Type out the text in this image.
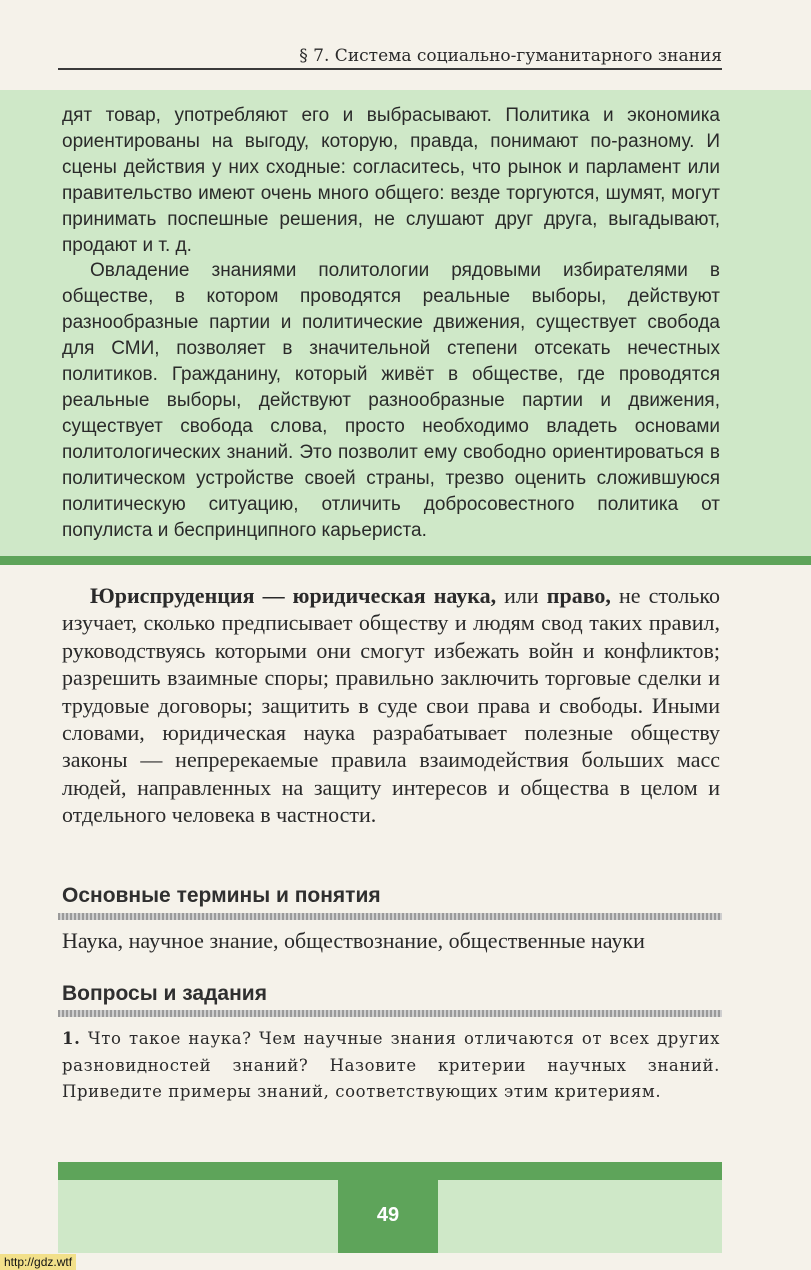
§ 7. Система социально-гуманитарного знания

дят товар, употребляют его и выбрасывают. Политика и экономика ориентированы на выгоду, которую, правда, понимают по-разному. И сцены действия у них сходные: согласитесь, что рынок и парламент или правительство имеют очень много общего: везде торгуются, шумят, могут принимать поспешные решения, не слушают друг друга, выгадывают, продают и т. д.

Овладение знаниями политологии рядовыми избирателями в обществе, в котором проводятся реальные выборы, действуют разнообразные партии и политические движения, существует свобода для СМИ, позволяет в значительной степени отсекать нечестных политиков. Гражданину, который живёт в обществе, где проводятся реальные выборы, действуют разнообразные партии и движения, существует свобода слова, просто необходимо владеть основами политологических знаний. Это позволит ему свободно ориентироваться в политическом устройстве своей страны, трезво оценить сложившуюся политическую ситуацию, отличить добросовестного политика от популиста и беспринципного карьериста.

Юриспруденция — юридическая наука, или право, не столько изучает, сколько предписывает обществу и людям свод таких правил, руководствуясь которыми они смогут избежать войн и конфликтов; разрешить взаимные споры; правильно заключить торговые сделки и трудовые договоры; защитить в суде свои права и свободы. Иными словами, юридическая наука разрабатывает полезные обществу законы — непререкаемые правила взаимодействия больших масс людей, направленных на защиту интересов и общества в целом и отдельного человека в частности.
Основные термины и понятия
Наука, научное знание, обществознание, общественные науки
Вопросы и задания
1. Что такое наука? Чем научные знания отличаются от всех других разновидностей знаний? Назовите критерии научных знаний. Приведите примеры знаний, соответствующих этим критериям.
49
http://gdz.wtf
